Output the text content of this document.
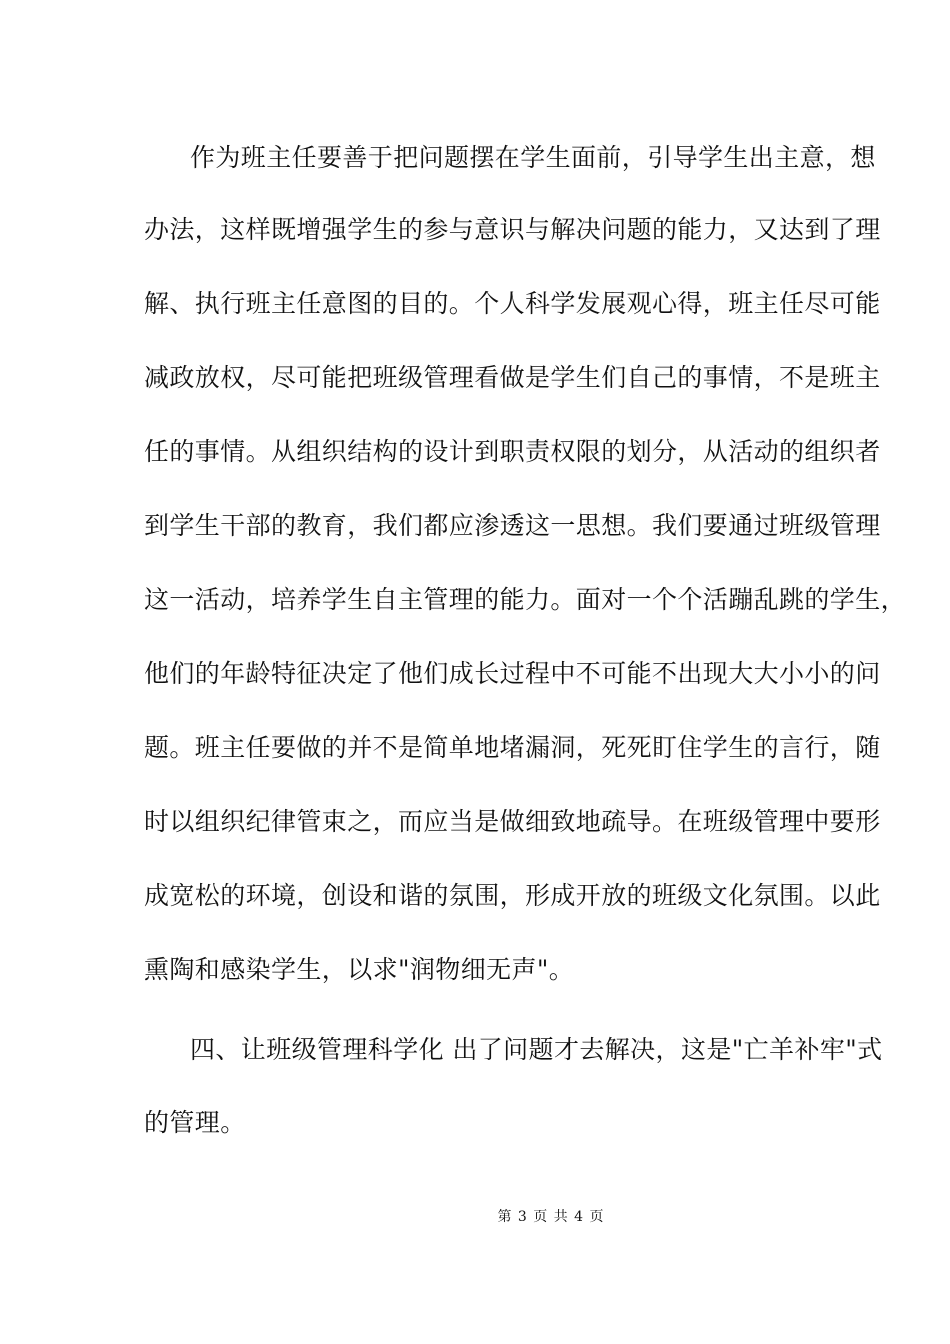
作为班主任要善于把问题摆在学生面前，引导学生出主意，想
办法，这样既增强学生的参与意识与解决问题的能力，又达到了理
解、执行班主任意图的目的。个人科学发展观心得，班主任尽可能
减政放权，尽可能把班级管理看做是学生们自己的事情，不是班主
任的事情。从组织结构的设计到职责权限的划分，从活动的组织者
到学生干部的教育，我们都应渗透这一思想。我们要通过班级管理
这一活动，培养学生自主管理的能力。面对一个个活蹦乱跳的学生，
他们的年龄特征决定了他们成长过程中不可能不出现大大小小的问
题。班主任要做的并不是简单地堵漏洞，死死盯住学生的言行，随
时以组织纪律管束之，而应当是做细致地疏导。在班级管理中要形
成宽松的环境，创设和谐的氛围，形成开放的班级文化氛围。以此
熏陶和感染学生，以求"润物细无声"。
四、让班级管理科学化 出了问题才去解决，这是"亡羊补牢"式
的管理。
第 3 页 共 4 页
